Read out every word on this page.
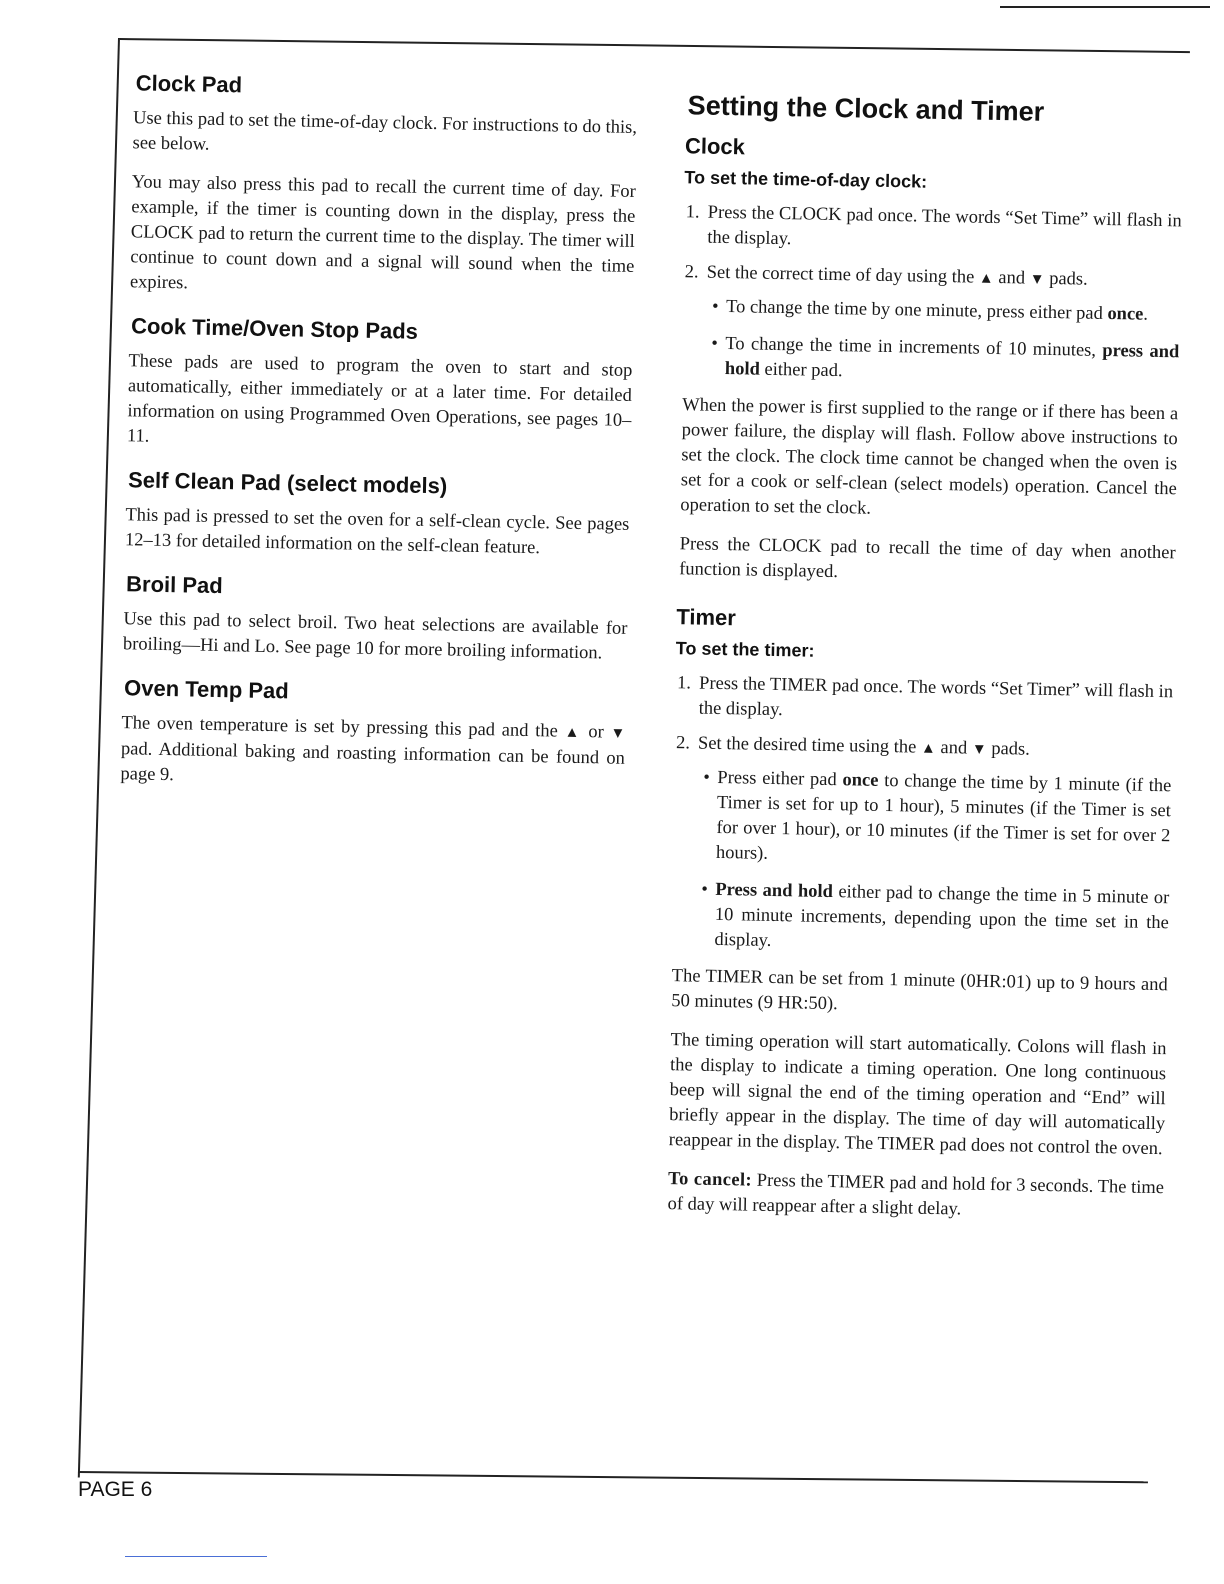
Clock Pad

Use this pad to set the time-of-day clock. For instructions to do this, see below.

You may also press this pad to recall the current time of day. For example, if the timer is counting down in the display, press the CLOCK pad to return the current time to the display. The timer will continue to count down and a signal will sound when the time expires.

Cook Time/Oven Stop Pads

These pads are used to program the oven to start and stop automatically, either immediately or at a later time. For detailed information on using Programmed Oven Operations, see pages 10–11.

Self Clean Pad (select models)

This pad is pressed to set the oven for a self-clean cycle. See pages 12–13 for detailed information on the self-clean feature.

Broil Pad

Use this pad to select broil. Two heat selections are available for broiling—Hi and Lo. See page 10 for more broiling information.

Oven Temp Pad

The oven temperature is set by pressing this pad and the ▲ or ▼ pad. Additional baking and roasting information can be found on page 9.

Setting the Clock and Timer
Clock
To set the time-of-day clock:
1. Press the CLOCK pad once. The words “Set Time” will flash in the display.
2. Set the correct time of day using the ▲ and ▼ pads.
• To change the time by one minute, press either pad once.
• To change the time in increments of 10 minutes, press and hold either pad.

When the power is first supplied to the range or if there has been a power failure, the display will flash. Follow above instructions to set the clock. The clock time cannot be changed when the oven is set for a cook or self-clean (select models) operation. Cancel the operation to set the clock.

Press the CLOCK pad to recall the time of day when another function is displayed.

Timer
To set the timer:
1. Press the TIMER pad once. The words “Set Timer” will flash in the display.
2. Set the desired time using the ▲ and ▼ pads.
• Press either pad once to change the time by 1 minute (if the Timer is set for up to 1 hour), 5 minutes (if the Timer is set for over 1 hour), or 10 minutes (if the Timer is set for over 2 hours).
• Press and hold either pad to change the time in 5 minute or 10 minute increments, depending upon the time set in the display.

The TIMER can be set from 1 minute (0HR:01) up to 9 hours and 50 minutes (9 HR:50).

The timing operation will start automatically. Colons will flash in the display to indicate a timing operation. One long continuous beep will signal the end of the timing operation and “End” will briefly appear in the display. The time of day will automatically reappear in the display. The TIMER pad does not control the oven.

To cancel: Press the TIMER pad and hold for 3 seconds. The time of day will reappear after a slight delay.

PAGE 6
